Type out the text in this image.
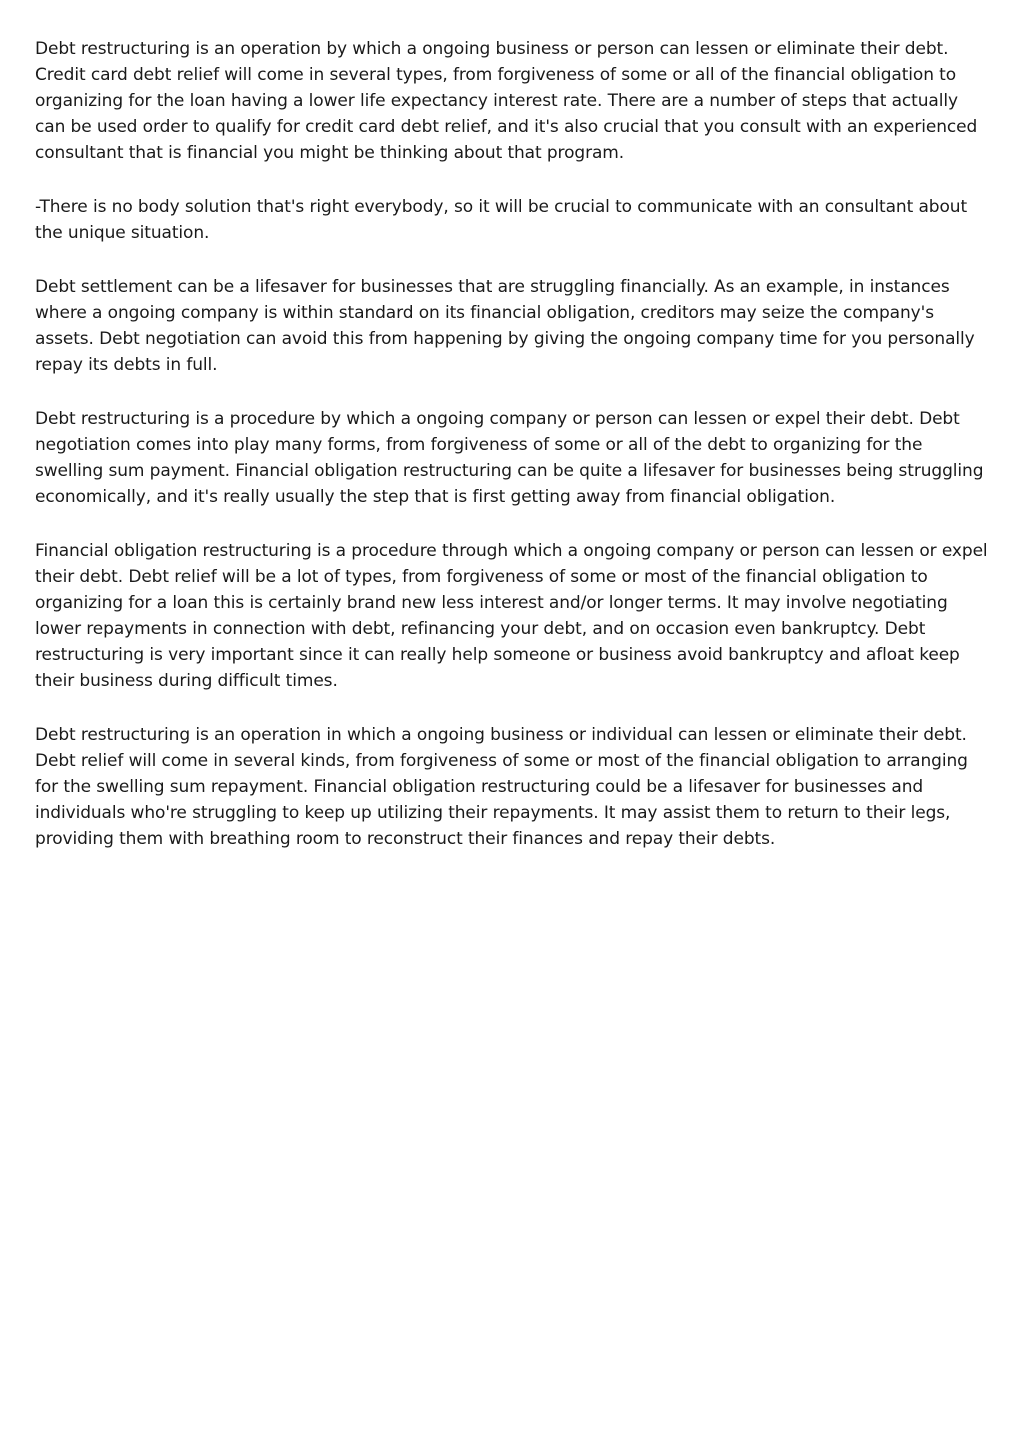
Debt restructuring is an operation by which a ongoing business or person can lessen or eliminate their debt. Credit card debt relief will come in several types, from forgiveness of some or all of the financial obligation to organizing for the loan having a lower life expectancy interest rate. There are a number of steps that actually can be used order to qualify for credit card debt relief, and it's also crucial that you consult with an experienced consultant that is financial you might be thinking about that program.

-There is no body solution that's right everybody, so it will be crucial to communicate with an consultant about the unique situation.

Debt settlement can be a lifesaver for businesses that are struggling financially. As an example, in instances where a ongoing company is within standard on its financial obligation, creditors may seize the company's assets. Debt negotiation can avoid this from happening by giving the ongoing company time for you personally repay its debts in full.

Debt restructuring is a procedure by which a ongoing company or person can lessen or expel their debt. Debt negotiation comes into play many forms, from forgiveness of some or all of the debt to organizing for the swelling sum payment. Financial obligation restructuring can be quite a lifesaver for businesses being struggling economically, and it's really usually the step that is first getting away from financial obligation.

Financial obligation restructuring is a procedure through which a ongoing company or person can lessen or expel their debt. Debt relief will be a lot of types, from forgiveness of some or most of the financial obligation to organizing for a loan this is certainly brand new less interest and/or longer terms. It may involve negotiating lower repayments in connection with debt, refinancing your debt, and on occasion even bankruptcy. Debt restructuring is very important since it can really help someone or business avoid bankruptcy and afloat keep their business during difficult times.

Debt restructuring is an operation in which a ongoing business or individual can lessen or eliminate their debt. Debt relief will come in several kinds, from forgiveness of some or most of the financial obligation to arranging for the swelling sum repayment. Financial obligation restructuring could be a lifesaver for businesses and individuals who're struggling to keep up utilizing their repayments. It may assist them to return to their legs, providing them with breathing room to reconstruct their finances and repay their debts.
